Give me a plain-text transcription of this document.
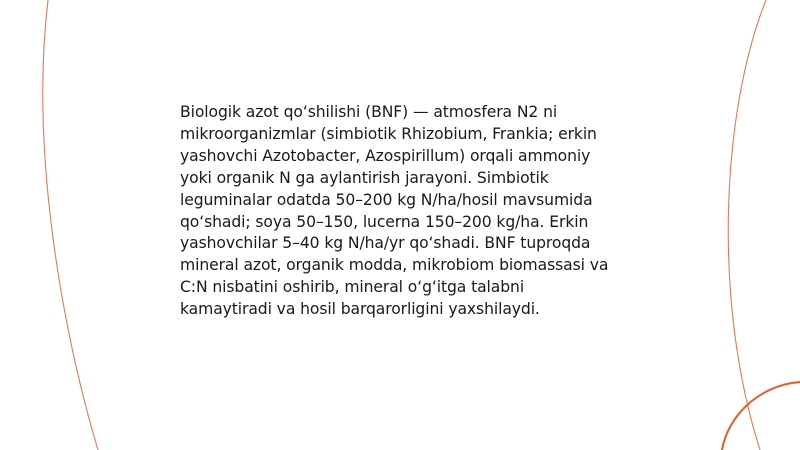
Biologik azot qo‘shilishi (BNF) — atmosfera N2 ni mikroorganizmlar (simbiotik Rhizobium, Frankia; erkin yashovchi Azotobacter, Azospirillum) orqali ammoniy yoki organik N ga aylantirish jarayoni. Simbiotik leguminalar odatda 50–200 kg N/ha/hosil mavsumida qo‘shadi; soya 50–150, lucerna 150–200 kg/ha. Erkin yashovchilar 5–40 kg N/ha/yr qo‘shadi. BNF tuproqda mineral azot, organik modda, mikrobiom biomassasi va C:N nisbatini oshirib, mineral o‘g‘itga talabni kamaytiradi va hosil barqarorligini yaxshilaydi.
